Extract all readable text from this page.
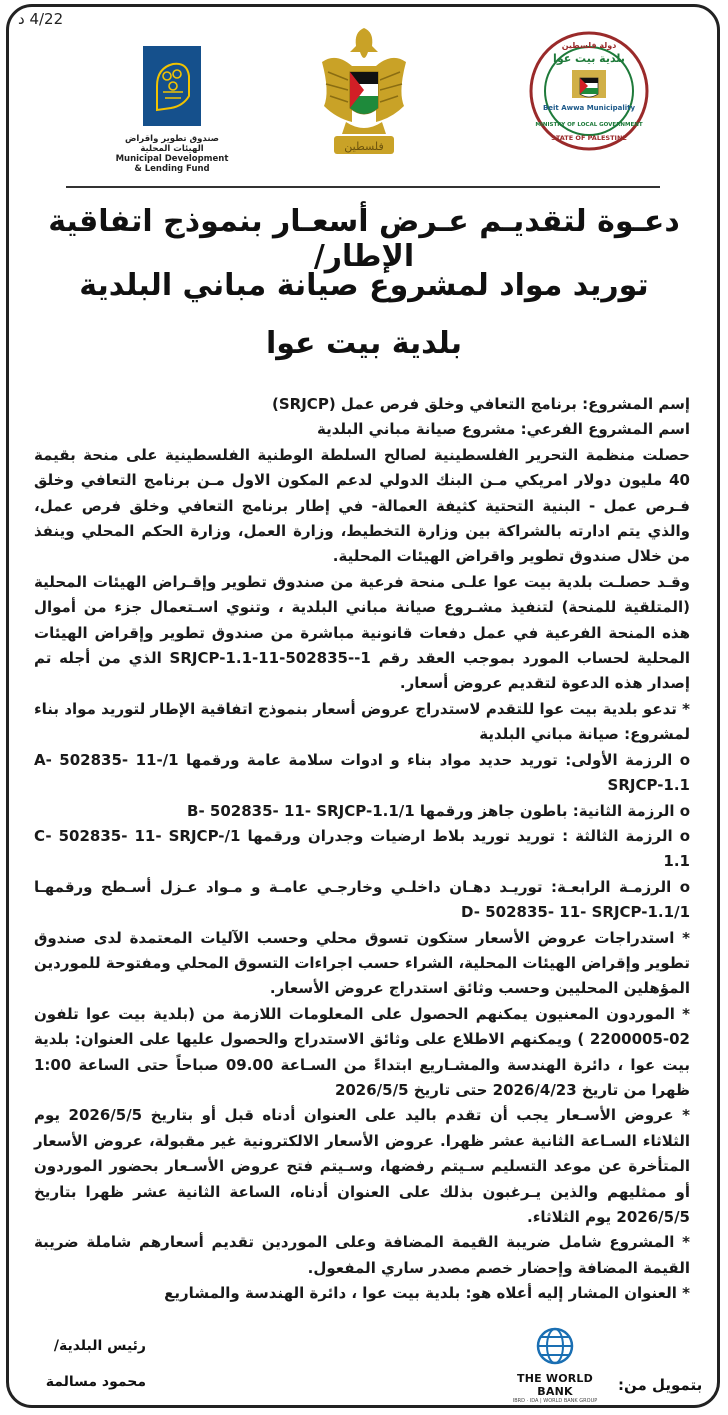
4/22 د
صندوق تطوير واقراض الهيئات المحلية
Municipal Development & Lending Fund
فلسطين
دولة فلسطين
بلدية بيت عوا
Beit Awwa Municipality
MINISTRY OF LOCAL GOVERNMENT
STATE OF PALESTINE
دعـوة لتقديـم عـرض أسعـار بنموذج اتفاقية الإطار/
توريد مواد لمشروع صيانة مباني البلدية
بلدية بيت عوا

إسم المشروع: برنامج التعافي وخلق فرص عمل (SRJCP)

اسم المشروع الفرعي: مشروع صيانة مباني البلدية

حصلت منظمة التحرير الفلسطينية لصالح السلطة الوطنية الفلسطينية على منحة بقيمة 40 مليون دولار امريكي مـن البنك الدولي لدعم المكون الاول مـن برنامج التعافي وخلق فـرص عمل - البنية التحتية كثيفة العمالة- في إطار برنامج التعافي وخلق فرص عمل، والذي يتم ادارته بالشراكة بين وزارة التخطيط، وزارة العمل، وزارة الحكم المحلي وينفذ من خلال صندوق تطوير واقراض الهيئات المحلية.

وقـد حصلـت بلدية بيت عوا علـى منحة فرعية من صندوق تطوير وإقـراض الهيئات المحلية (المتلقية للمنحة) لتنفيذ مشـروع صيانة مباني البلدية ، وتنوي اسـتعمال جزء من أموال هذه المنحة الفرعية في عمل دفعات قانونية مباشرة من صندوق تطوير وإقراض الهيئات المحلية لحساب المورد بموجب العقد رقم SRJCP-1.1-11-502835--1 الذي من أجله تم إصدار هذه الدعوة لتقديم عروض أسعار.

* تدعو بلدية بيت عوا للتقدم لاستدراج عروض أسعار بنموذج اتفاقية الإطار لتوريد مواد بناء لمشروع: صيانة مباني البلدية

o الرزمة الأولى: توريد حديد مواد بناء و ادوات سلامة عامة ورقمها 1/A- 502835- 11- SRJCP-1.1

o الرزمة الثانية: باطون جاهز ورقمها 1/B- 502835- 11- SRJCP-1.1

o الرزمة الثالثة : توريد توريد بلاط ارضيات وجدران ورقمها 1/C- 502835- 11- SRJCP-1.1

o الرزمـة الرابعـة: توريـد دهـان داخلـي وخارجـي عامـة و مـواد عـزل أسـطح ورقمهـا 1/D- 502835- 11- SRJCP-1.1

* استدراجات عروض الأسعار ستكون تسوق محلي وحسب الآليات المعتمدة لدى صندوق تطوير وإقراض الهيئات المحلية، الشراء حسب اجراءات التسوق المحلي ومفتوحة للموردين المؤهلين المحليين وحسب وثائق استدراج عروض الأسعار.

* الموردون المعنيون يمكنهم الحصول على المعلومات اللازمة من (بلدية بيت عوا تلفون 02-2200005 ) ويمكنهم الاطلاع على وثائق الاستدراج والحصول عليها على العنوان: بلدية بيت عوا ، دائرة الهندسة والمشـاريع ابتداءً من السـاعة 09.00 صباحاً حتى الساعة 1:00 ظهرا من تاريخ 2026/4/23 حتى تاريخ 2026/5/5

* عروض الأسـعار يجب أن تقدم باليد على العنوان أدناه قبل أو بتاريخ 2026/5/5 يوم الثلاثاء السـاعة الثانية عشر ظهرا. عروض الأسعار الالكترونية غير مقبولة، عروض الأسعار المتأخرة عن موعد التسليم سـيتم رفضها، وسـيتم فتح عروض الأسـعار بحضور الموردون أو ممثليهم والذين يـرغبون بذلك على العنوان أدناه، الساعة الثانية عشر ظهرا بتاريخ 2026/5/5 يوم الثلاثاء.

* المشروع شامل ضريبة القيمة المضافة وعلى الموردين تقديم أسعارهم شاملة ضريبة القيمة المضافة وإحضار خصم مصدر ساري المفعول.

* العنوان المشار إليه أعلاه هو: بلدية بيت عوا ، دائرة الهندسة والمشاريع

رئيس البلدية/
محمود مسالمة	THE WORLD BANK
IBRD · IDA | WORLD BANK GROUP
بتمويل من:
